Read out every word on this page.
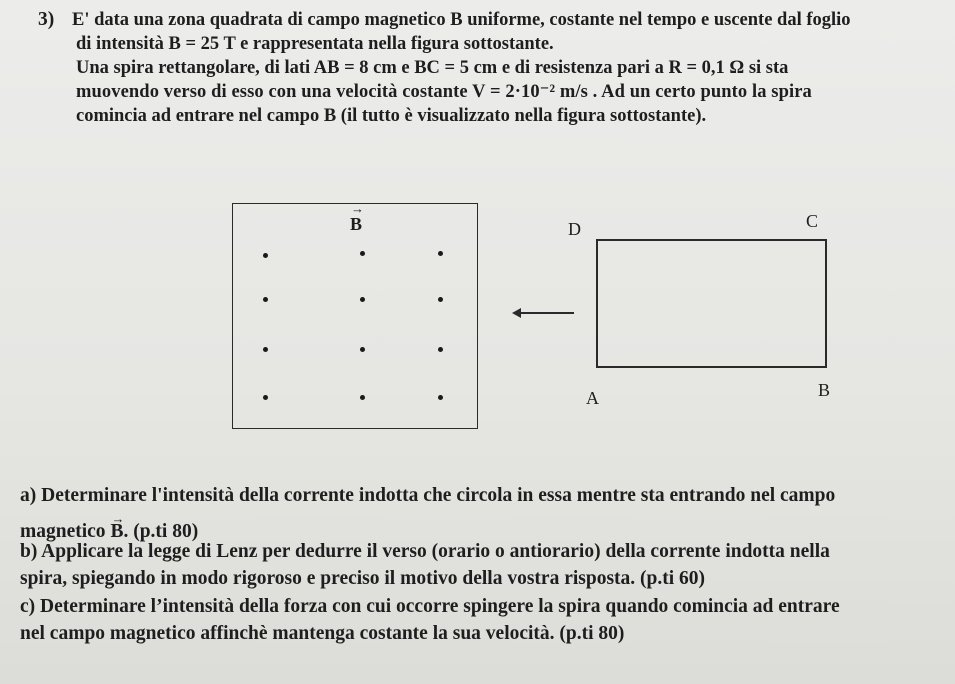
3) E' data una zona quadrata di campo magnetico B uniforme, costante nel tempo e uscente dal foglio
di intensità B = 25 T e rappresentata nella figura sottostante.
Una spira rettangolare, di lati AB = 8 cm e BC = 5 cm e di resistenza pari a R = 0,1 Ω si sta
muovendo verso di esso con una velocità costante V = 2·10⁻² m/s . Ad un certo punto la spira
comincia ad entrare nel campo B (il tutto è visualizzato nella figura sottostante).
→ B	D	C
A	B
a) Determinare l'intensità della corrente indotta che circola in essa mentre sta entrando nel campo
magnetico → B. (p.ti 80)
b) Applicare la legge di Lenz per dedurre il verso (orario o antiorario) della corrente indotta nella
spira, spiegando in modo rigoroso e preciso il motivo della vostra risposta. (p.ti 60)
c) Determinare l’intensità della forza con cui occorre spingere la spira quando comincia ad entrare
nel campo magnetico affinchè mantenga costante la sua velocità. (p.ti 80)
